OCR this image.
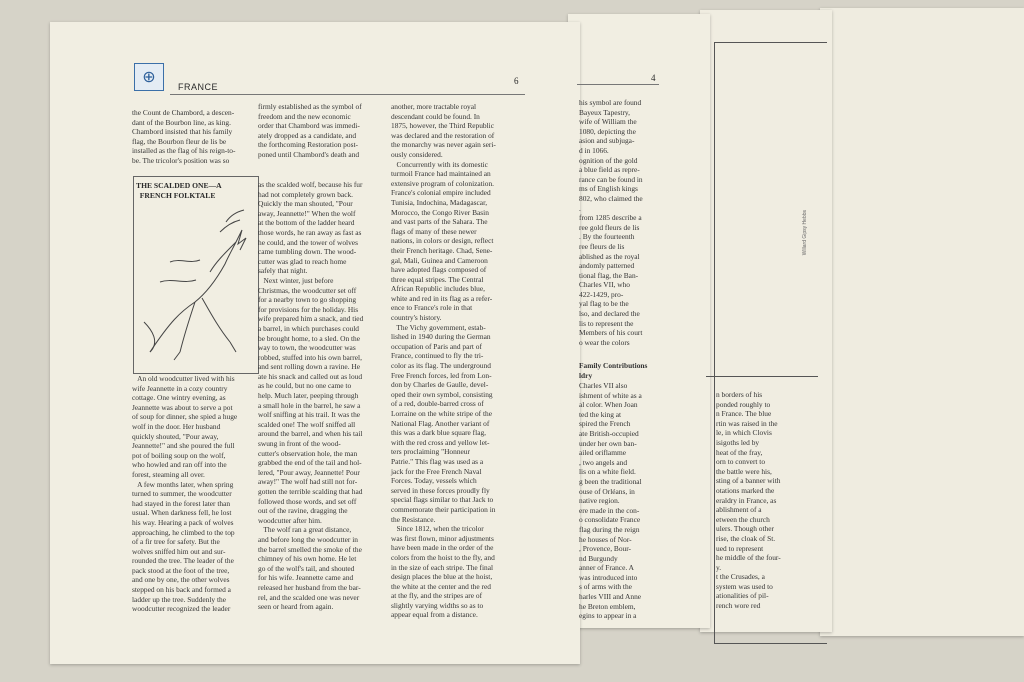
Willard Gipsy Hebbs
4
his symbol are found
Bayeux Tapestry,
wife of William the
1080, depicting the
asion and subjuga-
d in 1066.
ognition of the gold
a blue field as repre-
rance can be found in
ms of English kings
802, who claimed the
.
from 1285 describe a
ree gold fleurs de lis
. By the fourteenth
ree fleurs de lis
ablished as the royal
andomly patterned
tional flag, the Ban-
Charles VII, who
422-1429, pro-
yal flag to be the
lso, and declared the
lis to represent the
Members of his court
o wear the colors
Family Contributions
ldry
Charles VII also
ishment of white as a
al color. When Joan
ted the king at
spired the French
ate British-occupied
under her own ban-
ailed oriflamme
, two angels and
lis on a white field.
g been the traditional
ouse of Orléans, in
native region.
ere made in the con-
o consolidate France
flag during the reign
he houses of Nor-
, Provence, Bour-
nd Burgundy
anner of France. A
was introduced into
s of arms with the
harles VIII and Anne
he Breton emblem,
egins to appear in a
n borders of his
ponded roughly to
n France. The blue
rtin was raised in the
le, in which Clovis
isigoths led by
heat of the fray,
orn to convert to
the battle were his,
sting of a banner with
otations marked the
eraldry in France, as
ablishment of a
etween the church
ulers. Though other
rise, the cloak of St.
ued to represent
he middle of the four-
y.
t the Crusades, a
system was used to
ationalities of pil-
rench wore red
⊕
FRANCE
6
the Count de Chambord, a descen-
dant of the Bourbon line, as king.
Chambord insisted that his family
flag, the Bourbon fleur de lis be
installed as the flag of his reign-to-
be. The tricolor's position was so
firmly established as the symbol of
freedom and the new economic
order that Chambord was immedi-
ately dropped as a candidate, and
the forthcoming Restoration post-
poned until Chambord's death and
THE SCALDED ONE—A
FRENCH FOLKTALE
as the scalded wolf, because his fur
had not completely grown back.
Quickly the man shouted, "Pour
away, Jeannette!" When the wolf
at the bottom of the ladder heard
those words, he ran away as fast as
he could, and the tower of wolves
came tumbling down. The wood-
cutter was glad to reach home
safely that night.
Next winter, just before
Christmas, the woodcutter set off
for a nearby town to go shopping
for provisions for the holiday. His
wife prepared him a snack, and tied
a barrel, in which purchases could
be brought home, to a sled. On the
way to town, the woodcutter was
robbed, stuffed into his own barrel,
and sent rolling down a ravine. He
ate his snack and called out as loud
as he could, but no one came to
help. Much later, peeping through
a small hole in the barrel, he saw a
wolf sniffing at his trail. It was the
scalded one! The wolf sniffed all
around the barrel, and when his tail
swung in front of the wood-
cutter's observation hole, the man
grabbed the end of the tail and hol-
lered, "Pour away, Jeannette! Pour
away!" The wolf had still not for-
gotten the terrible scalding that had
followed those words, and set off
out of the ravine, dragging the
woodcutter after him.
The wolf ran a great distance,
and before long the woodcutter in
the barrel smelled the smoke of the
chimney of his own home. He let
go of the wolf's tail, and shouted
for his wife. Jeannette came and
released her husband from the bar-
rel, and the scalded one was never
seen or heard from again.
An old woodcutter lived with his
wife Jeannette in a cozy country
cottage. One wintry evening, as
Jeannette was about to serve a pot
of soup for dinner, she spied a huge
wolf in the door. Her husband
quickly shouted, "Pour away,
Jeannette!" and she poured the full
pot of boiling soup on the wolf,
who howled and ran off into the
forest, steaming all over.
A few months later, when spring
turned to summer, the woodcutter
had stayed in the forest later than
usual. When darkness fell, he lost
his way. Hearing a pack of wolves
approaching, he climbed to the top
of a fir tree for safety. But the
wolves sniffed him out and sur-
rounded the tree. The leader of the
pack stood at the foot of the tree,
and one by one, the other wolves
stepped on his back and formed a
ladder up the tree. Suddenly the
woodcutter recognized the leader
another, more tractable royal
descendant could be found. In
1875, however, the Third Republic
was declared and the restoration of
the monarchy was never again seri-
ously considered.
Concurrently with its domestic
turmoil France had maintained an
extensive program of colonization.
France's colonial empire included
Tunisia, Indochina, Madagascar,
Morocco, the Congo River Basin
and vast parts of the Sahara. The
flags of many of these newer
nations, in colors or design, reflect
their French heritage. Chad, Sene-
gal, Mali, Guinea and Cameroon
have adopted flags composed of
three equal stripes. The Central
African Republic includes blue,
white and red in its flag as a refer-
ence to France's role in that
country's history.
The Vichy government, estab-
lished in 1940 during the German
occupation of Paris and part of
France, continued to fly the tri-
color as its flag. The underground
Free French forces, led from Lon-
don by Charles de Gaulle, devel-
oped their own symbol, consisting
of a red, double-barred cross of
Lorraine on the white stripe of the
National Flag. Another variant of
this was a dark blue square flag,
with the red cross and yellow let-
ters proclaiming "Honneur
Patrie." This flag was used as a
jack for the Free French Naval
Forces. Today, vessels which
served in these forces proudly fly
special flags similar to that Jack to
commemorate their participation in
the Resistance.
Since 1812, when the tricolor
was first flown, minor adjustments
have been made in the order of the
colors from the hoist to the fly, and
in the size of each stripe. The final
design places the blue at the hoist,
the white at the center and the red
at the fly, and the stripes are of
slightly varying widths so as to
appear equal from a distance.
